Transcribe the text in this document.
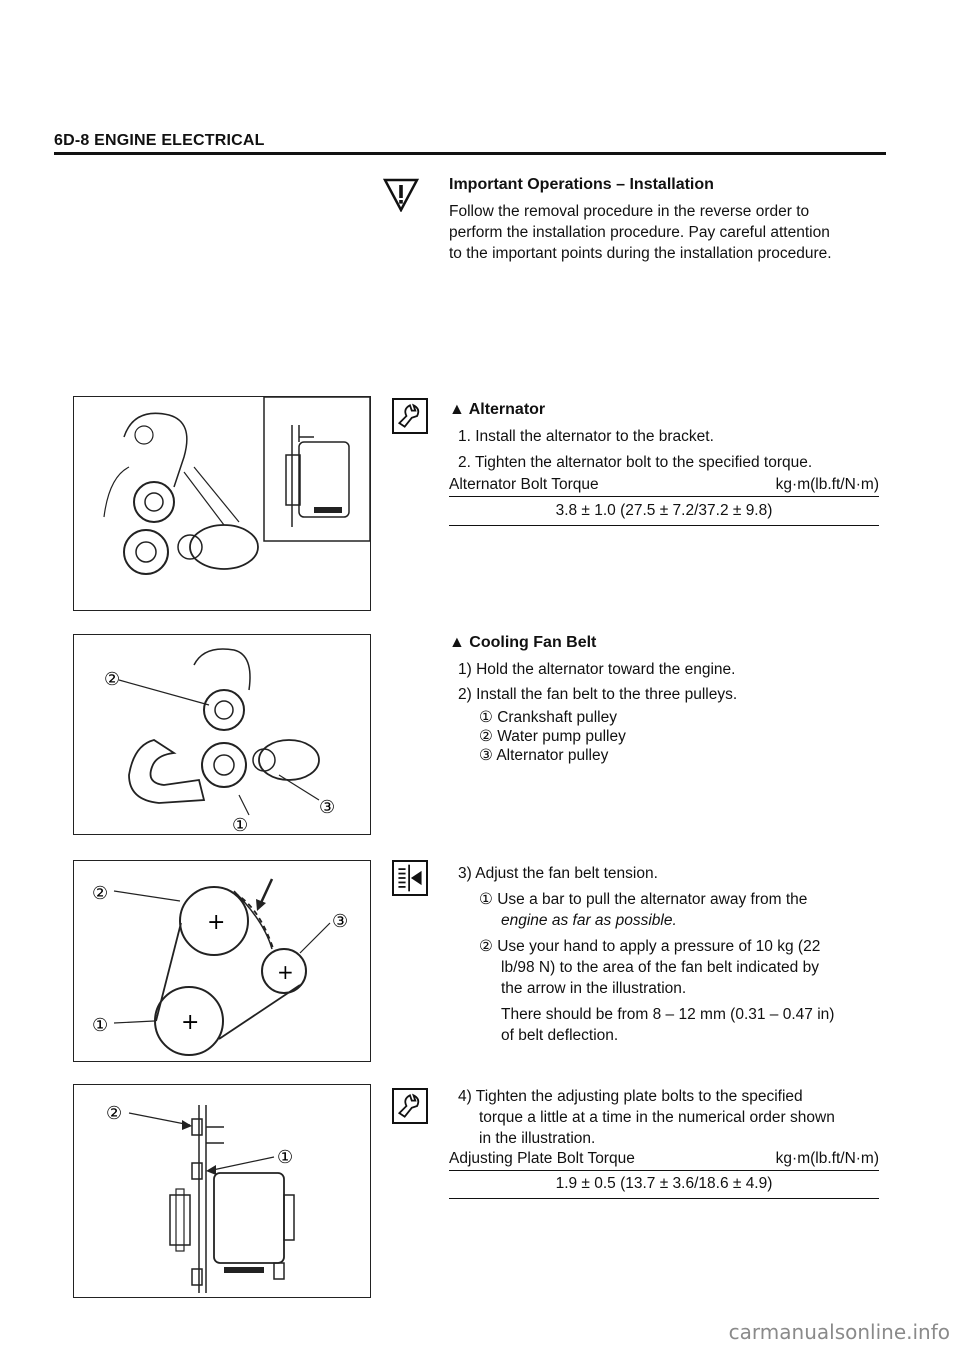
6D-8 ENGINE ELECTRICAL
Important Operations – Installation
Follow the removal procedure in the reverse order to
perform the installation procedure. Pay careful attention
to the important points during the installation procedure.
▲ Alternator
1. Install the alternator to the bracket.
2. Tighten the alternator bolt to the specified torque.
Alternator Bolt Torque	kg·m(lb.ft/N·m)
3.8 ± 1.0 (27.5 ± 7.2/37.2 ± 9.8)
②
③
①
▲ Cooling Fan Belt
1) Hold the alternator toward the engine.
2) Install the fan belt to the three pulleys.
① Crankshaft pulley
② Water pump pulley
③ Alternator pulley
+
+
+
②
③
①
3) Adjust the fan belt tension.
① Use a bar to pull the alternator away from the
engine as far as possible.
② Use your hand to apply a pressure of 10 kg (22
lb/98 N) to the area of the fan belt indicated by
the arrow in the illustration.
There should be from 8 – 12 mm (0.31 – 0.47 in)
of belt deflection.
②
①
4) Tighten the adjusting plate bolts to the specified
torque a little at a time in the numerical order shown
in the illustration.
Adjusting Plate Bolt Torque	kg·m(lb.ft/N·m)
1.9 ± 0.5 (13.7 ± 3.6/18.6 ± 4.9)
carmanualsonline.info
